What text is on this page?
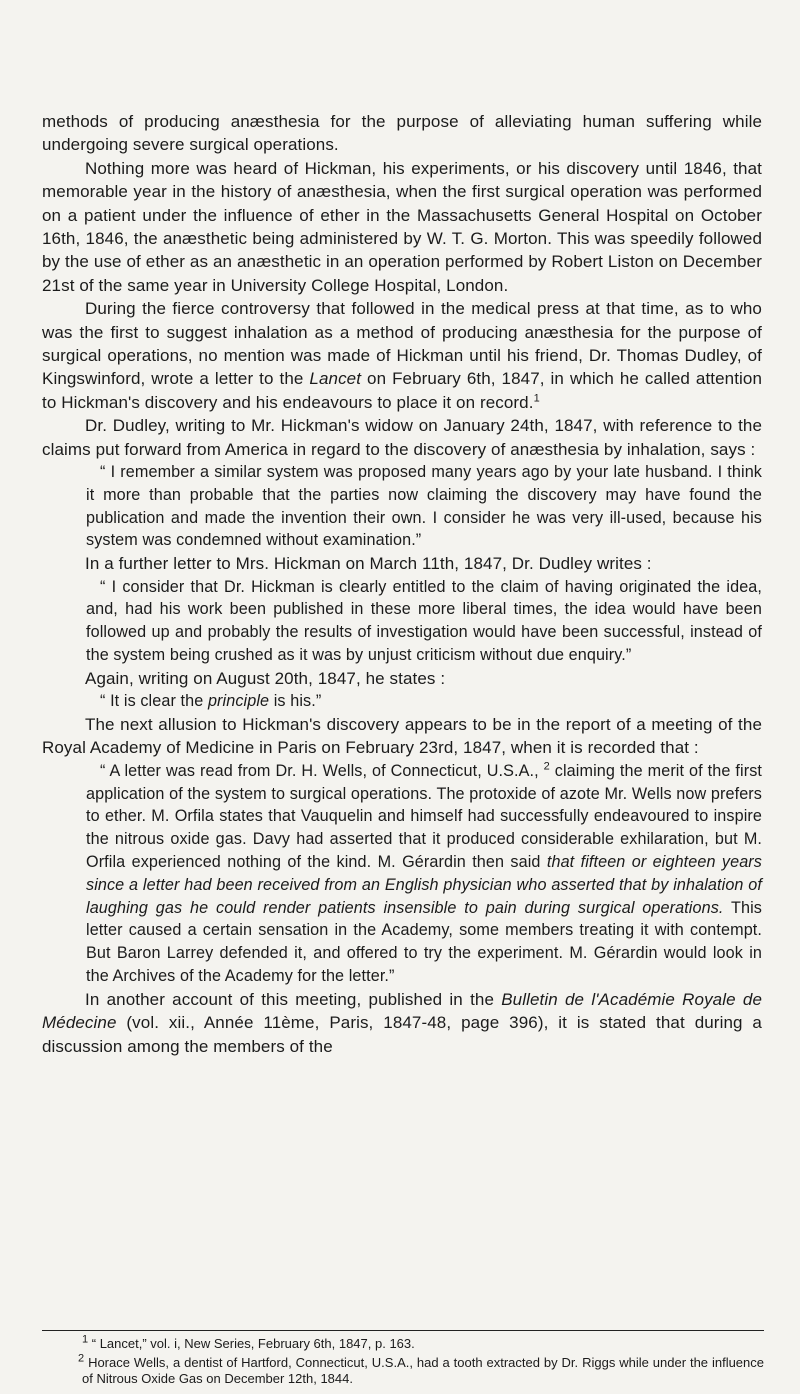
methods of producing anæsthesia for the purpose of alleviating human suffering while undergoing severe surgical operations.

Nothing more was heard of Hickman, his experiments, or his discovery until 1846, that memorable year in the history of anæsthesia, when the first surgical operation was performed on a patient under the influence of ether in the Massachusetts General Hospital on October 16th, 1846, the anæsthetic being administered by W. T. G. Morton. This was speedily followed by the use of ether as an anæsthetic in an operation performed by Robert Liston on December 21st of the same year in University College Hospital, London.

During the fierce controversy that followed in the medical press at that time, as to who was the first to suggest inhalation as a method of producing anæsthesia for the purpose of surgical operations, no mention was made of Hickman until his friend, Dr. Thomas Dudley, of Kingswinford, wrote a letter to the Lancet on February 6th, 1847, in which he called attention to Hickman's discovery and his endeavours to place it on record.$^1$

Dr. Dudley, writing to Mr. Hickman's widow on January 24th, 1847, with reference to the claims put forward from America in regard to the discovery of anæsthesia by inhalation, says :

“ I remember a similar system was proposed many years ago by your late husband. I think it more than probable that the parties now claiming the discovery may have found the publication and made the invention their own. I consider he was very ill-used, because his system was condemned without examination.”

In a further letter to Mrs. Hickman on March 11th, 1847, Dr. Dudley writes :

“ I consider that Dr. Hickman is clearly entitled to the claim of having originated the idea, and, had his work been published in these more liberal times, the idea would have been followed up and probably the results of investigation would have been successful, instead of the system being crushed as it was by unjust criticism without due enquiry.”

Again, writing on August 20th, 1847, he states :

“ It is clear the principle is his.”

The next allusion to Hickman's discovery appears to be in the report of a meeting of the Royal Academy of Medicine in Paris on February 23rd, 1847, when it is recorded that :

“ A letter was read from Dr. H. Wells, of Connecticut, U.S.A., $^2$ claiming the merit of the first application of the system to surgical operations. The protoxide of azote Mr. Wells now prefers to ether. M. Orfila states that Vauquelin and himself had successfully endeavoured to inspire the nitrous oxide gas. Davy had asserted that it produced considerable exhilaration, but M. Orfila experienced nothing of the kind. M. Gérardin then said that fifteen or eighteen years since a letter had been received from an English physician who asserted that by inhalation of laughing gas he could render patients insensible to pain during surgical operations. This letter caused a certain sensation in the Academy, some members treating it with contempt. But Baron Larrey defended it, and offered to try the experiment. M. Gérardin would look in the Archives of the Academy for the letter.”

In another account of this meeting, published in the Bulletin de l'Académie Royale de Médecine (vol. xii., Année 11ème, Paris, 1847-48, page 396), it is stated that during a discussion among the members of the

$^1$ “ Lancet,” vol. i, New Series, February 6th, 1847, p. 163.
$^2$ Horace Wells, a dentist of Hartford, Connecticut, U.S.A., had a tooth extracted by Dr. Riggs while under the influence of Nitrous Oxide Gas on December 12th, 1844.
